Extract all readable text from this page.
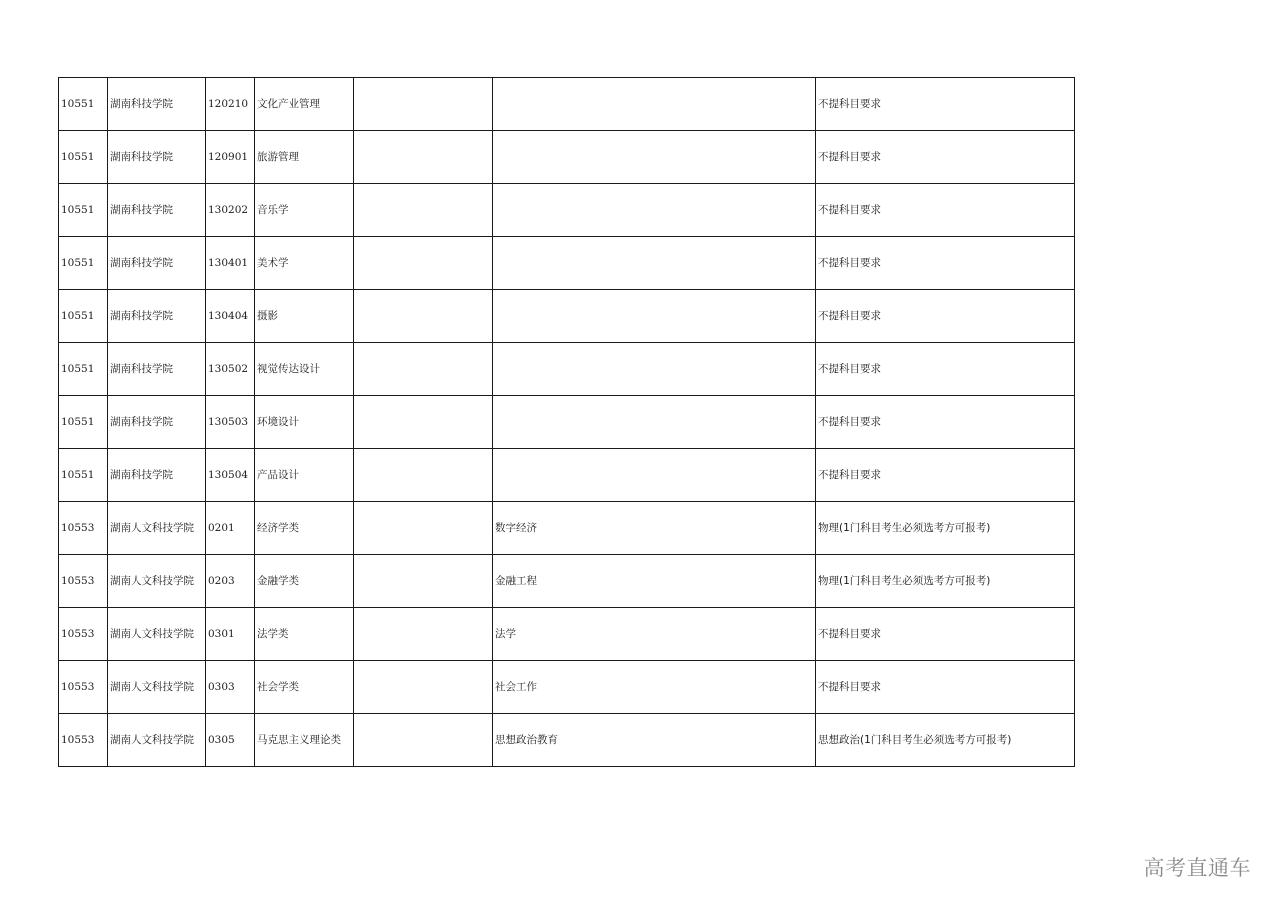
10551	湖南科技学院	120210	文化产业管理			不提科目要求
10551	湖南科技学院	120901	旅游管理			不提科目要求
10551	湖南科技学院	130202	音乐学			不提科目要求
10551	湖南科技学院	130401	美术学			不提科目要求
10551	湖南科技学院	130404	摄影			不提科目要求
10551	湖南科技学院	130502	视觉传达设计			不提科目要求
10551	湖南科技学院	130503	环境设计			不提科目要求
10551	湖南科技学院	130504	产品设计			不提科目要求
10553	湖南人文科技学院	0201	经济学类		数字经济	物理(1门科目考生必须选考方可报考)
10553	湖南人文科技学院	0203	金融学类		金融工程	物理(1门科目考生必须选考方可报考)
10553	湖南人文科技学院	0301	法学类		法学	不提科目要求
10553	湖南人文科技学院	0303	社会学类		社会工作	不提科目要求
10553	湖南人文科技学院	0305	马克思主义理论类		思想政治教育	思想政治(1门科目考生必须选考方可报考)
高考直通车
